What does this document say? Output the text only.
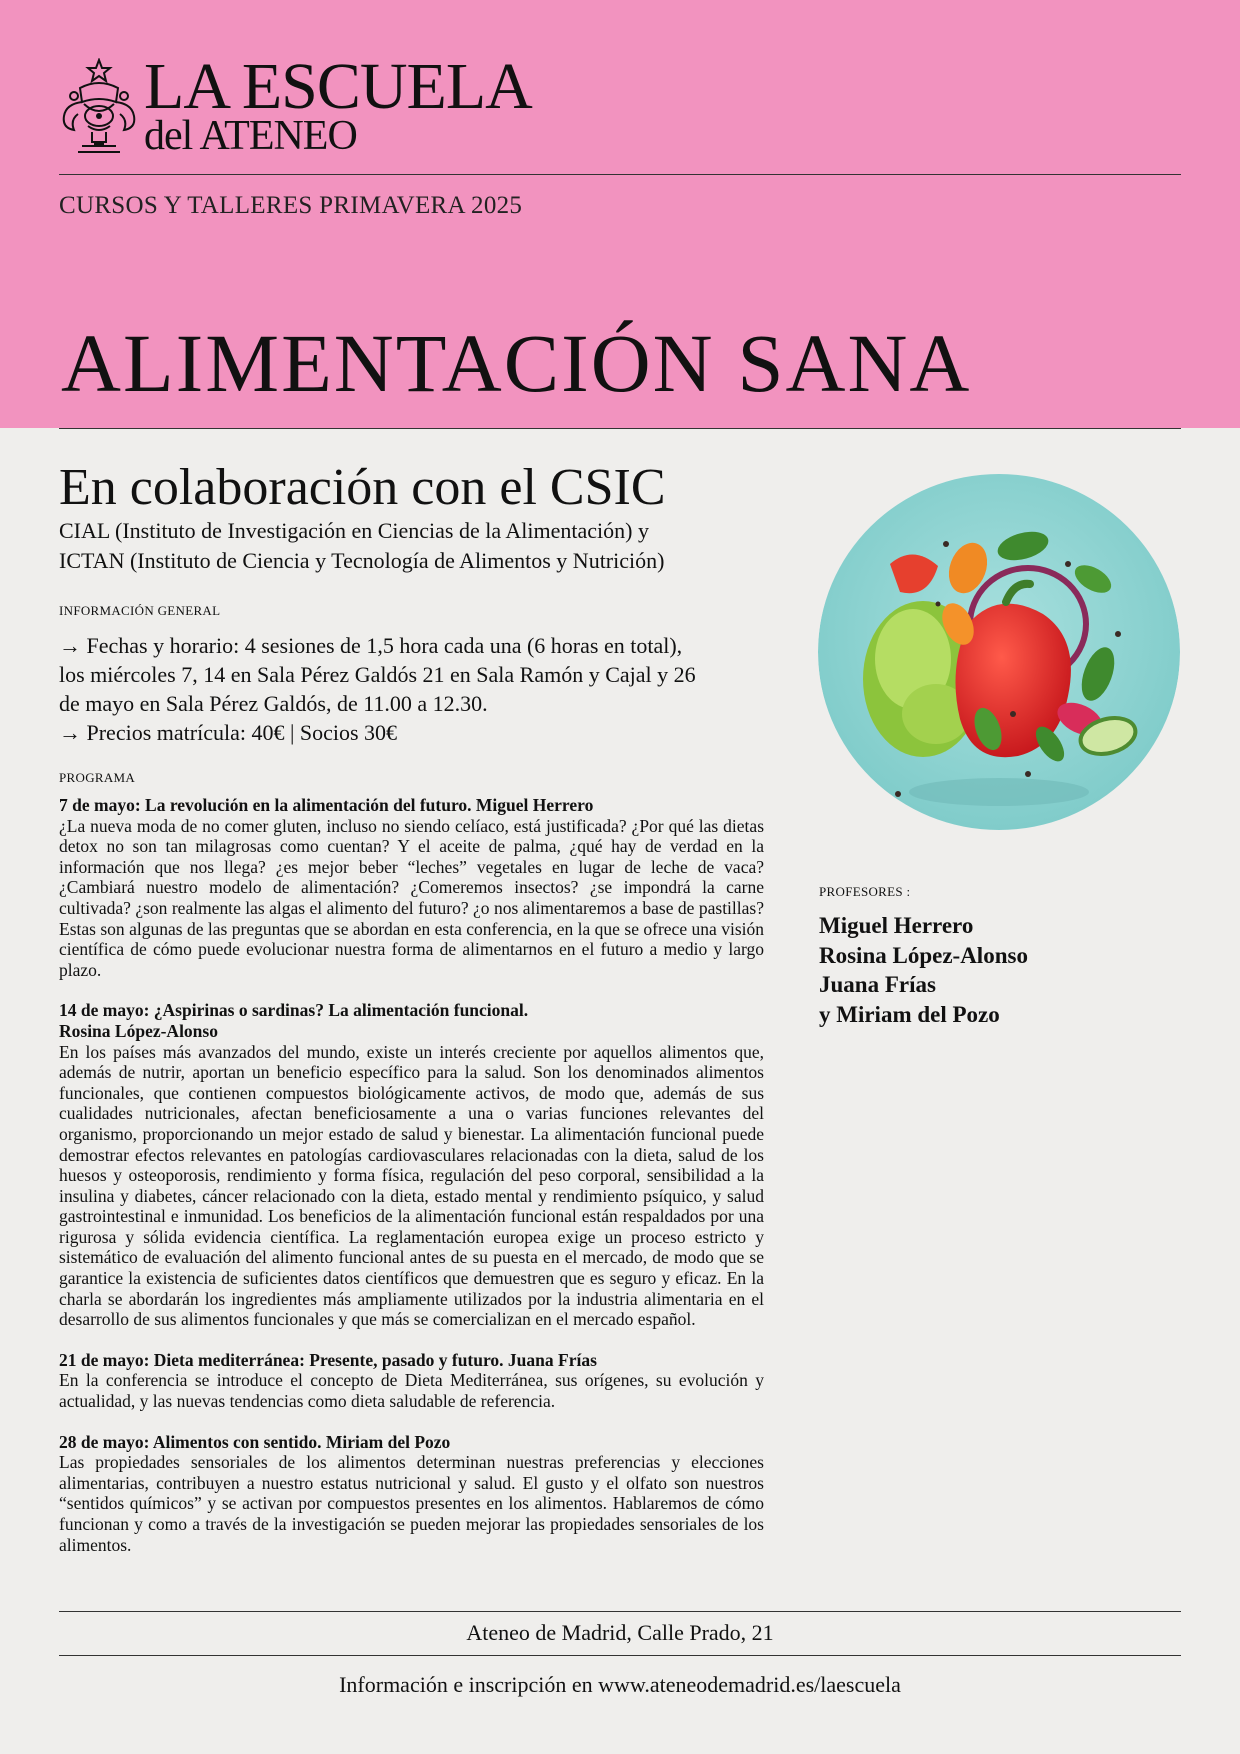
LA ESCUELA
del ATENEO
CURSOS Y TALLERES PRIMAVERA 2025
ALIMENTACIÓN SANA
En colaboración con el CSIC
CIAL (Instituto de Investigación en Ciencias de la Alimentación) y
ICTAN (Instituto de Ciencia y Tecnología de Alimentos y Nutrición)
INFORMACIÓN GENERAL
→ Fechas y horario: 4 sesiones de 1,5 hora cada una (6 horas en total),
los miércoles 7, 14 en Sala Pérez Galdós 21 en Sala Ramón y Cajal y 26
de mayo en Sala Pérez Galdós, de 11.00 a 12.30.
→ Precios matrícula: 40€ | Socios 30€
PROGRAMA
7 de mayo: La revolución en la alimentación del futuro. Miguel Herrero
¿La nueva moda de no comer gluten, incluso no siendo celíaco, está justificada? ¿Por qué las dietas detox no son tan milagrosas como cuentan? Y el aceite de palma, ¿qué hay de verdad en la información que nos llega? ¿es mejor beber “leches” vegetales en lugar de leche de vaca? ¿Cambiará nuestro modelo de alimentación? ¿Comeremos insectos? ¿se impondrá la carne cultivada? ¿son realmente las algas el alimento del futuro? ¿o nos alimentaremos a base de pastillas? Estas son algunas de las preguntas que se abordan en esta conferencia, en la que se ofrece una visión científica de cómo puede evolucionar nuestra forma de alimentarnos en el futuro a medio y largo plazo.
14 de mayo: ¿Aspirinas o sardinas? La alimentación funcional.
Rosina López-Alonso
En los países más avanzados del mundo, existe un interés creciente por aquellos alimentos que, además de nutrir, aportan un beneficio específico para la salud. Son los denominados alimentos funcionales, que contienen compuestos biológicamente activos, de modo que, además de sus cualidades nutricionales, afectan beneficiosamente a una o varias funciones relevantes del organismo, proporcionando un mejor estado de salud y bienestar. La alimentación funcional puede demostrar efectos relevantes en patologías cardiovasculares relacionadas con la dieta, salud de los huesos y osteoporosis, rendimiento y forma física, regulación del peso corporal, sensibilidad a la insulina y diabetes, cáncer relacionado con la dieta, estado mental y rendimiento psíquico, y salud gastrointestinal e inmunidad. Los beneficios de la alimentación funcional están respaldados por una rigurosa y sólida evidencia científica. La reglamentación europea exige un proceso estricto y sistemático de evaluación del alimento funcional antes de su puesta en el mercado, de modo que se garantice la existencia de suficientes datos científicos que demuestren que es seguro y eficaz. En la charla se abordarán los ingredientes más ampliamente utilizados por la industria alimentaria en el desarrollo de sus alimentos funcionales y que más se comercializan en el mercado español.
21 de mayo: Dieta mediterránea: Presente, pasado y futuro. Juana Frías
En la conferencia se introduce el concepto de Dieta Mediterránea, sus orígenes, su evolución y actualidad, y las nuevas tendencias como dieta saludable de referencia.
28 de mayo: Alimentos con sentido. Miriam del Pozo
Las propiedades sensoriales de los alimentos determinan nuestras preferencias y elecciones alimentarias, contribuyen a nuestro estatus nutricional y salud. El gusto y el olfato son nuestros “sentidos químicos” y se activan por compuestos presentes en los alimentos. Hablaremos de cómo funcionan y como a través de la investigación se pueden mejorar las propiedades sensoriales de los alimentos.
PROFESORES :
Miguel Herrero
Rosina López-Alonso
Juana Frías
y Miriam del Pozo
Ateneo de Madrid, Calle Prado, 21
Información e inscripción en www.ateneodemadrid.es/laescuela
